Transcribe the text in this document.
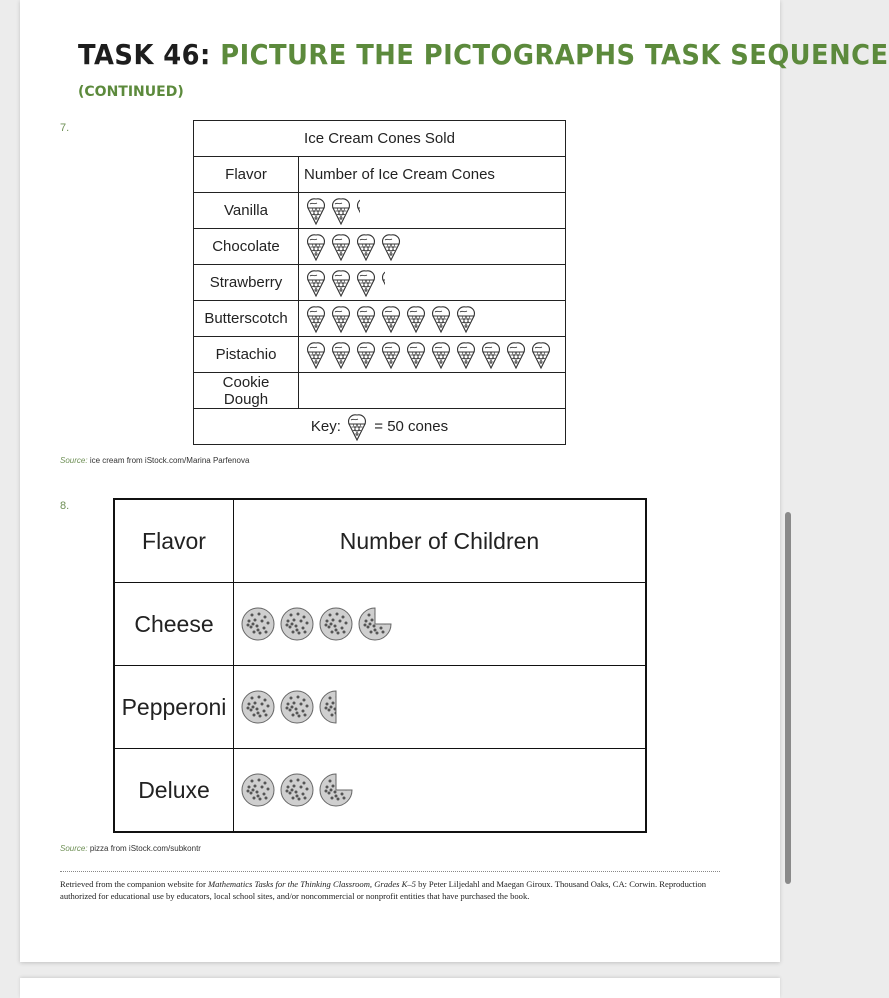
TASK 46: PICTURE THE PICTOGRAPHS TASK SEQUENCE
(CONTINUED)
7.
Ice Cream Cones Sold	
Flavor	Number of Ice Cream Cones
Vanilla	
Chocolate	
Strawberry	
Butterscotch	
Pistachio	
Cookie Dough	
Key: = 50 cones	
Source: ice cream from iStock.com/Marina Parfenova
8.
Flavor	Number of Children
Cheese	
Pepperoni	
Deluxe	
Source: pizza from iStock.com/subkontr
Retrieved from the companion website for Mathematics Tasks for the Thinking Classroom, Grades K–5 by Peter Liljedahl and Maegan Giroux. Thousand Oaks, CA: Corwin. Reproduction authorized for educational use by educators, local school sites, and/or noncommercial or nonprofit entities that have purchased the book.
